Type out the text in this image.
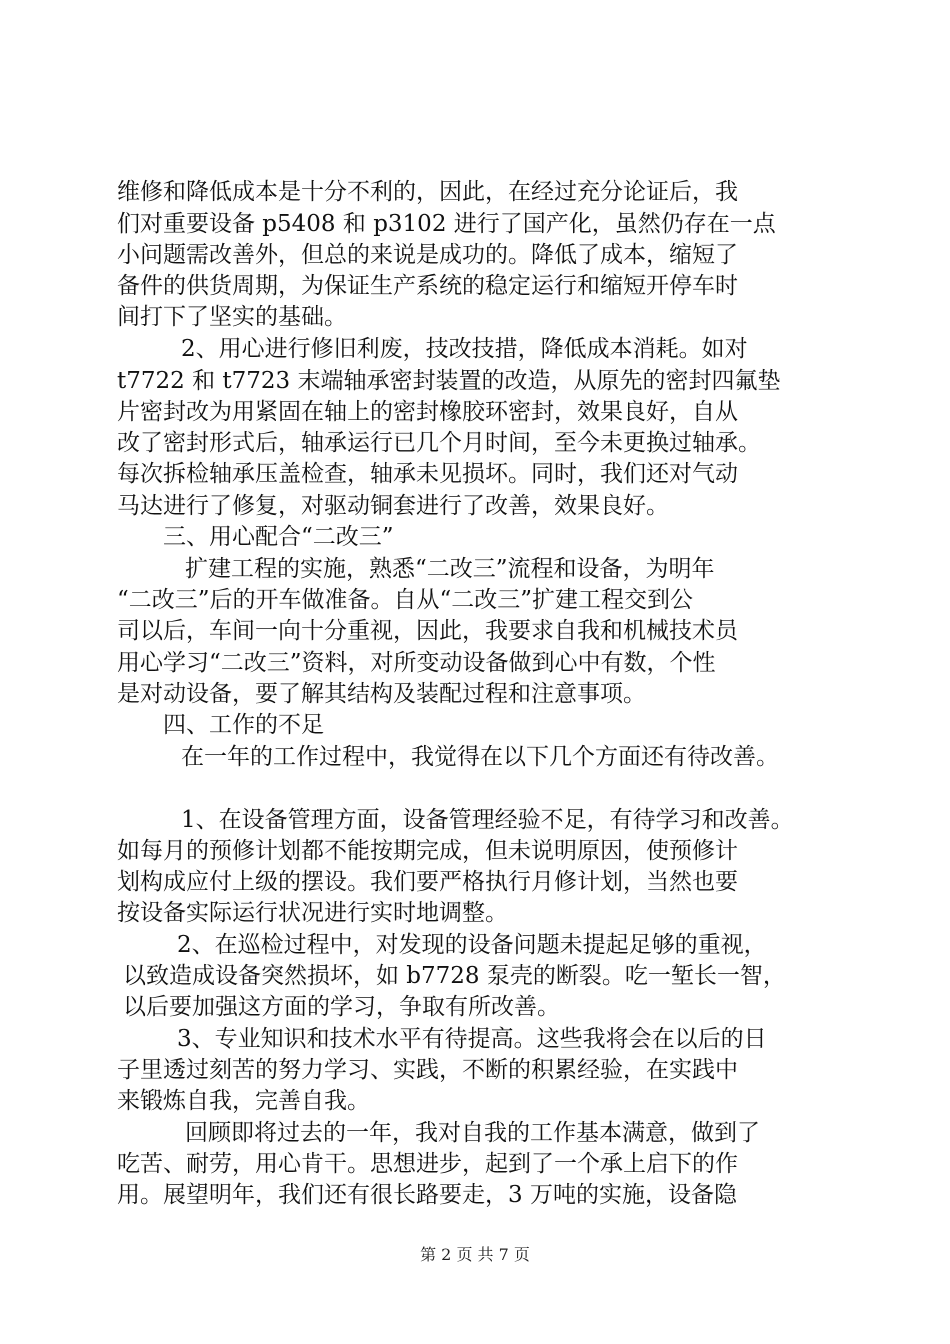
维修和降低成本是十分不利的，因此，在经过充分论证后，我
们对重要设备 p5408 和 p3102 进行了国产化，虽然仍存在一点
小问题需改善外，但总的来说是成功的。降低了成本，缩短了
备件的供货周期，为保证生产系统的稳定运行和缩短开停车时
间打下了坚实的基础。
2、用心进行修旧利废，技改技措，降低成本消耗。如对
t7722 和 t7723 末端轴承密封装置的改造，从原先的密封四氟垫
片密封改为用紧固在轴上的密封橡胶环密封，效果良好，自从
改了密封形式后，轴承运行已几个月时间，至今未更换过轴承。
每次拆检轴承压盖检查，轴承未见损坏。同时，我们还对气动
马达进行了修复，对驱动铜套进行了改善，效果良好。
三、用心配合“二改三”
扩建工程的实施，熟悉“二改三”流程和设备，为明年
“二改三”后的开车做准备。自从“二改三”扩建工程交到公
司以后，车间一向十分重视，因此，我要求自我和机械技术员
用心学习“二改三”资料，对所变动设备做到心中有数，个性
是对动设备，要了解其结构及装配过程和注意事项。
四、工作的不足
在一年的工作过程中，我觉得在以下几个方面还有待改善。
1、在设备管理方面，设备管理经验不足，有待学习和改善。
如每月的预修计划都不能按期完成，但未说明原因，使预修计
划构成应付上级的摆设。我们要严格执行月修计划，当然也要
按设备实际运行状况进行实时地调整。
2、在巡检过程中，对发现的设备问题未提起足够的重视，
以致造成设备突然损坏，如 b7728 泵壳的断裂。吃一堑长一智，
以后要加强这方面的学习，争取有所改善。
3、专业知识和技术水平有待提高。这些我将会在以后的日
子里透过刻苦的努力学习、实践，不断的积累经验，在实践中
来锻炼自我，完善自我。
回顾即将过去的一年，我对自我的工作基本满意，做到了
吃苦、耐劳，用心肯干。思想进步，起到了一个承上启下的作
用。展望明年，我们还有很长路要走，3 万吨的实施，设备隐
第 2 页 共 7 页
